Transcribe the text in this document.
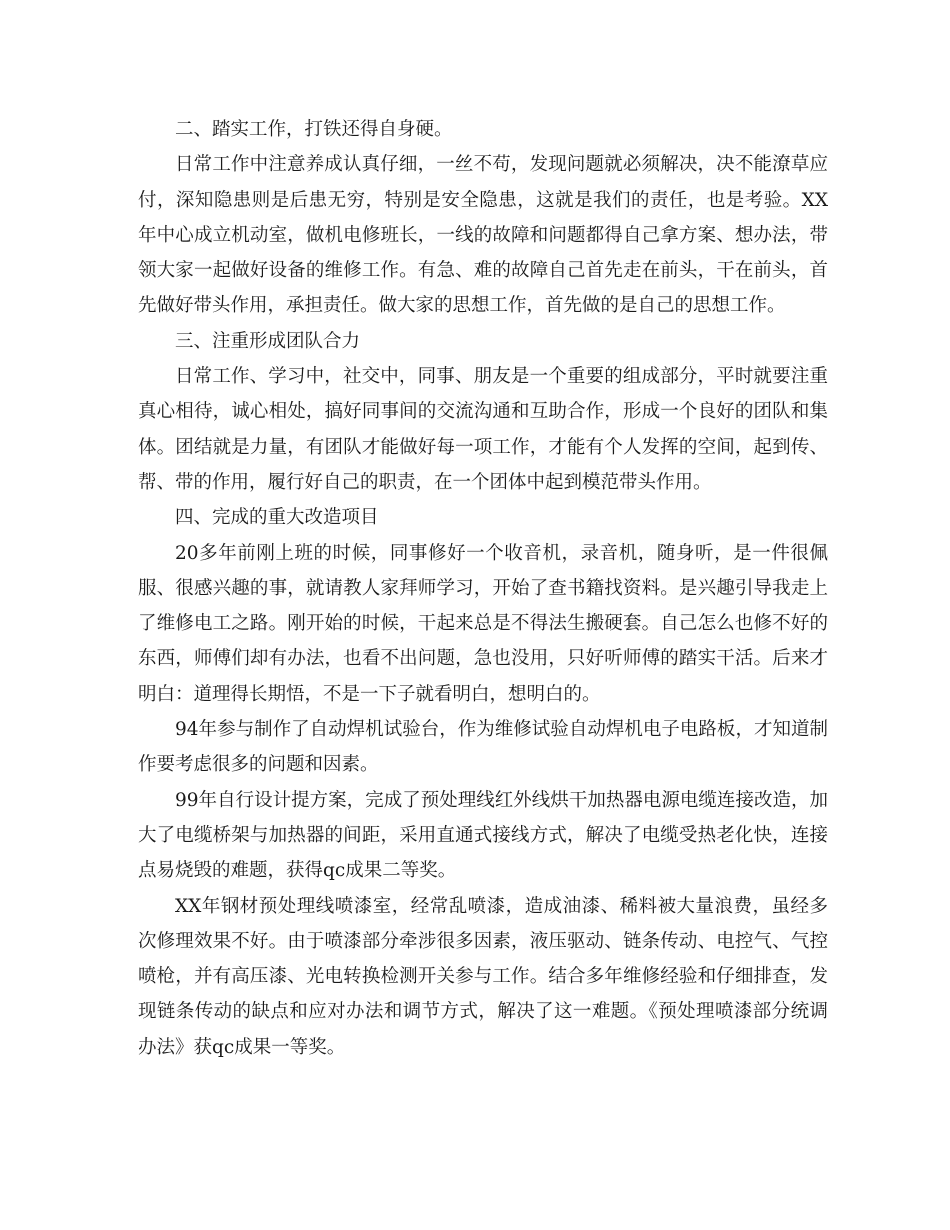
二、踏实工作，打铁还得自身硬。

日常工作中注意养成认真仔细，一丝不苟，发现问题就必须解决，决不能潦草应付，深知隐患则是后患无穷，特别是安全隐患，这就是我们的责任，也是考验。XX年中心成立机动室，做机电修班长，一线的故障和问题都得自己拿方案、想办法，带领大家一起做好设备的维修工作。有急、难的故障自己首先走在前头，干在前头，首先做好带头作用，承担责任。做大家的思想工作，首先做的是自己的思想工作。

三、注重形成团队合力

日常工作、学习中，社交中，同事、朋友是一个重要的组成部分，平时就要注重真心相待，诚心相处，搞好同事间的交流沟通和互助合作，形成一个良好的团队和集体。团结就是力量，有团队才能做好每一项工作，才能有个人发挥的空间，起到传、帮、带的作用，履行好自己的职责，在一个团体中起到模范带头作用。

四、完成的重大改造项目

20多年前刚上班的时候，同事修好一个收音机，录音机，随身听，是一件很佩服、很感兴趣的事，就请教人家拜师学习，开始了查书籍找资料。是兴趣引导我走上了维修电工之路。刚开始的时候，干起来总是不得法生搬硬套。自己怎么也修不好的东西，师傅们却有办法，也看不出问题，急也没用，只好听师傅的踏实干活。后来才明白：道理得长期悟，不是一下子就看明白，想明白的。

94年参与制作了自动焊机试验台，作为维修试验自动焊机电子电路板，才知道制作要考虑很多的问题和因素。

99年自行设计提方案，完成了预处理线红外线烘干加热器电源电缆连接改造，加大了电缆桥架与加热器的间距，采用直通式接线方式，解决了电缆受热老化快，连接点易烧毁的难题，获得qc成果二等奖。

XX年钢材预处理线喷漆室，经常乱喷漆，造成油漆、稀料被大量浪费，虽经多次修理效果不好。由于喷漆部分牵涉很多因素，液压驱动、链条传动、电控气、气控喷枪，并有高压漆、光电转换检测开关参与工作。结合多年维修经验和仔细排查，发现链条传动的缺点和应对办法和调节方式，解决了这一难题。《预处理喷漆部分统调办法》获qc成果一等奖。
